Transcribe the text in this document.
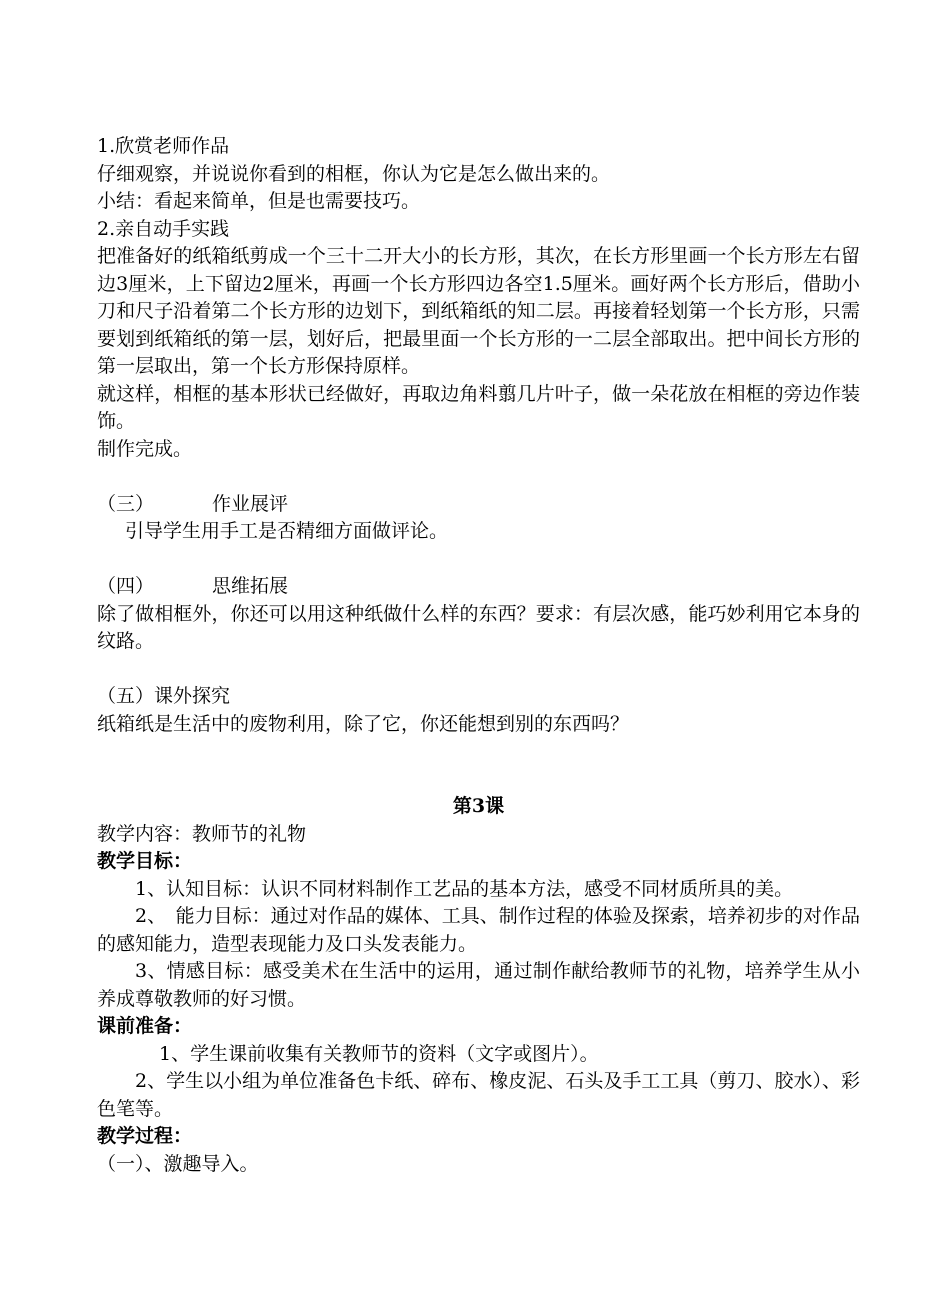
1.欣赏老师作品

仔细观察，并说说你看到的相框，你认为它是怎么做出来的。

小结：看起来简单，但是也需要技巧。

2.亲自动手实践

把准备好的纸箱纸剪成一个三十二开大小的长方形，其次，在长方形里画一个长方形左右留边3厘米，上下留边2厘米，再画一个长方形四边各空1.5厘米。画好两个长方形后，借助小刀和尺子沿着第二个长方形的边划下，到纸箱纸的知二层。再接着轻划第一个长方形，只需要划到纸箱纸的第一层，划好后，把最里面一个长方形的一二层全部取出。把中间长方形的第一层取出，第一个长方形保持原样。

就这样，相框的基本形状已经做好，再取边角料翦几片叶子，做一朵花放在相框的旁边作装饰。

制作完成。

（三）	作业展评

引导学生用手工是否精细方面做评论。

（四）	思维拓展

除了做相框外，你还可以用这种纸做什么样的东西？要求：有层次感，能巧妙利用它本身的纹路。

（五）课外探究

纸箱纸是生活中的废物利用，除了它，你还能想到别的东西吗？

第3课

教学内容：教师节的礼物

教学目标：

1、认知目标：认识不同材料制作工艺品的基本方法，感受不同材质所具的美。

2、　能力目标：通过对作品的媒体、工具、制作过程的体验及探索，培养初步的对作品的感知能力，造型表现能力及口头发表能力。

3、情感目标：感受美术在生活中的运用，通过制作献给教师节的礼物，培养学生从小养成尊敬教师的好习惯。

课前准备：

1、学生课前收集有关教师节的资料（文字或图片）。

2、学生以小组为单位准备色卡纸、碎布、橡皮泥、石头及手工工具（剪刀、胶水）、彩色笔等。

教学过程：

（一）、激趣导入。
